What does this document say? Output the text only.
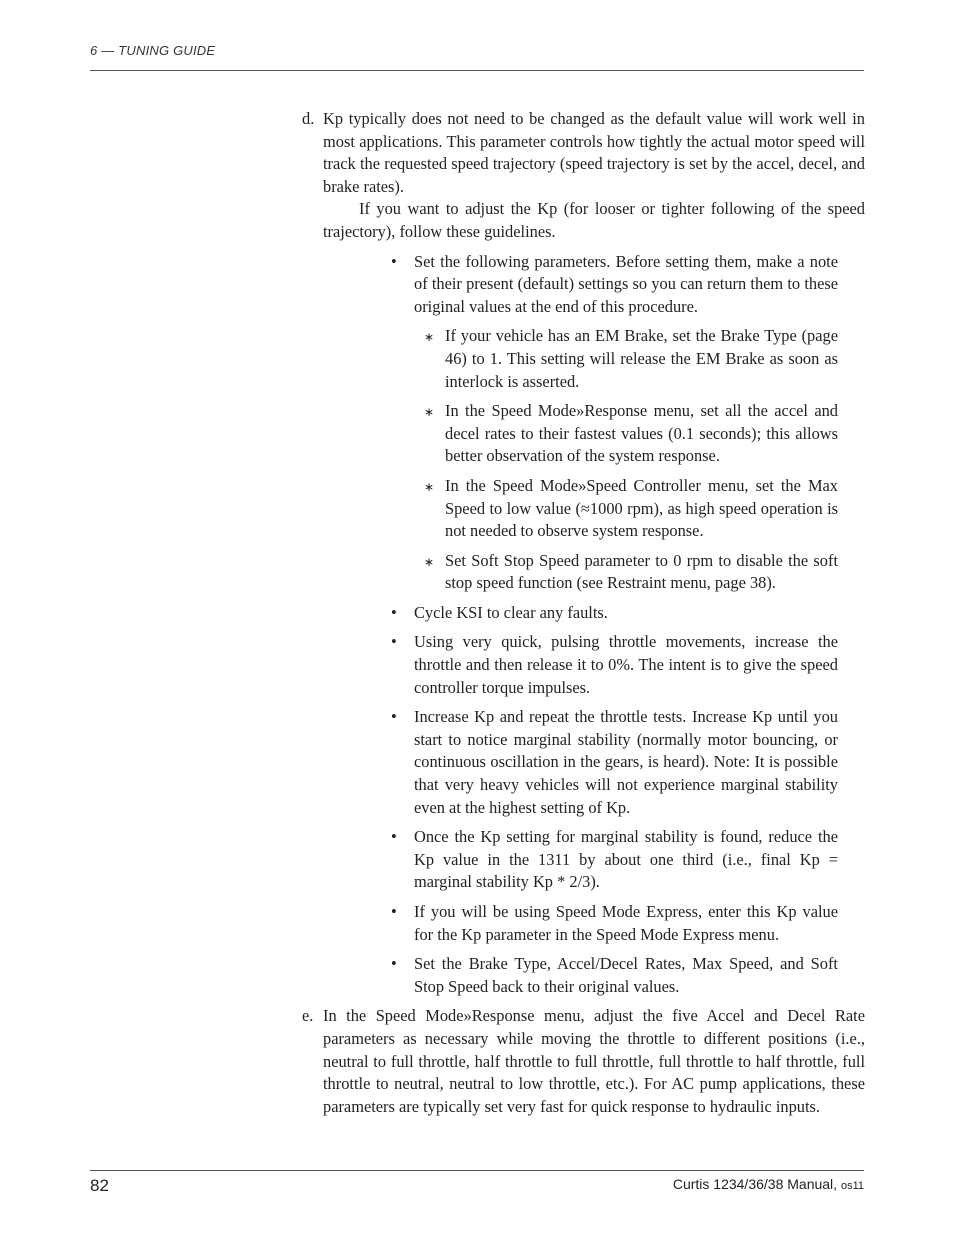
6 — TUNING GUIDE
d. Kp typically does not need to be changed as the default value will work well in most applications. This parameter controls how tightly the actual motor speed will track the requested speed trajectory (speed trajectory is set by the accel, decel, and brake rates).

If you want to adjust the Kp (for looser or tighter following of the speed trajectory), follow these guidelines.

• Set the following parameters. Before setting them, make a note of their present (default) settings so you can return them to these original values at the end of this procedure.
∗ If your vehicle has an EM Brake, set the Brake Type (page 46) to 1. This setting will release the EM Brake as soon as interlock is asserted.
∗ In the Speed Mode»Response menu, set all the accel and decel rates to their fastest values (0.1 seconds); this allows better observation of the system response.
∗ In the Speed Mode»Speed Controller menu, set the Max Speed to low value (≈1000 rpm), as high speed operation is not needed to observe system response.
∗ Set Soft Stop Speed parameter to 0 rpm to disable the soft stop speed function (see Restraint menu, page 38).
• Cycle KSI to clear any faults.
• Using very quick, pulsing throttle movements, increase the throttle and then release it to 0%. The intent is to give the speed controller torque impulses.
• Increase Kp and repeat the throttle tests. Increase Kp until you start to notice marginal stability (normally motor bouncing, or continuous oscillation in the gears, is heard). Note: It is possible that very heavy vehicles will not experience marginal stability even at the highest setting of Kp.
• Once the Kp setting for marginal stability is found, reduce the Kp value in the 1311 by about one third (i.e., final Kp = marginal stability Kp * 2/3).
• If you will be using Speed Mode Express, enter this Kp value for the Kp parameter in the Speed Mode Express menu.
• Set the Brake Type, Accel/Decel Rates, Max Speed, and Soft Stop Speed back to their original values.
e. In the Speed Mode»Response menu, adjust the five Accel and Decel Rate parameters as necessary while moving the throttle to different positions (i.e., neutral to full throttle, half throttle to full throttle, full throttle to half throttle, full throttle to neutral, neutral to low throttle, etc.). For AC pump applications, these parameters are typically set very fast for quick response to hydraulic inputs.

82	Curtis 1234/36/38 Manual, os11
